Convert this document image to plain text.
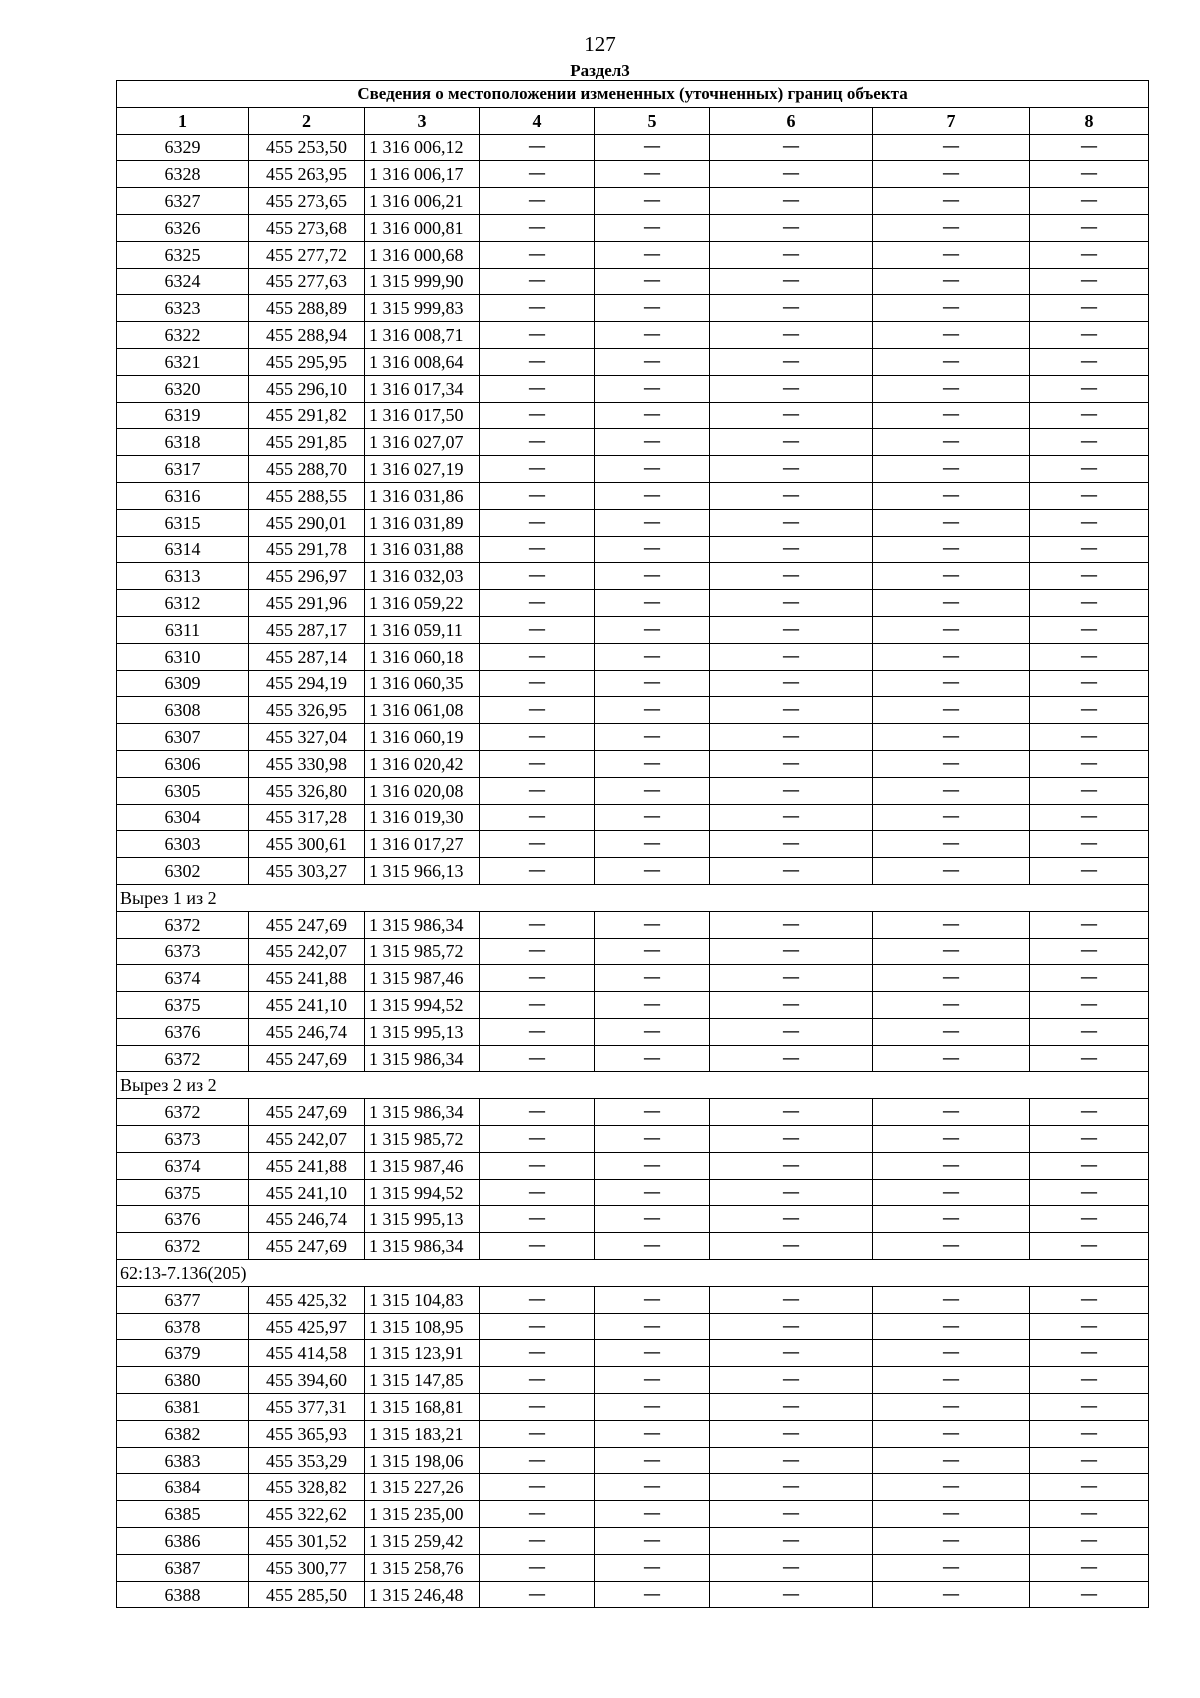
127
Раздел3
Сведения о местоположении измененных (уточненных) границ объекта							
1	2	3	4	5	6	7	8
6329	455 253,50	1 316 006,12	—	—	—	—	—
6328	455 263,95	1 316 006,17	—	—	—	—	—
6327	455 273,65	1 316 006,21	—	—	—	—	—
6326	455 273,68	1 316 000,81	—	—	—	—	—
6325	455 277,72	1 316 000,68	—	—	—	—	—
6324	455 277,63	1 315 999,90	—	—	—	—	—
6323	455 288,89	1 315 999,83	—	—	—	—	—
6322	455 288,94	1 316 008,71	—	—	—	—	—
6321	455 295,95	1 316 008,64	—	—	—	—	—
6320	455 296,10	1 316 017,34	—	—	—	—	—
6319	455 291,82	1 316 017,50	—	—	—	—	—
6318	455 291,85	1 316 027,07	—	—	—	—	—
6317	455 288,70	1 316 027,19	—	—	—	—	—
6316	455 288,55	1 316 031,86	—	—	—	—	—
6315	455 290,01	1 316 031,89	—	—	—	—	—
6314	455 291,78	1 316 031,88	—	—	—	—	—
6313	455 296,97	1 316 032,03	—	—	—	—	—
6312	455 291,96	1 316 059,22	—	—	—	—	—
6311	455 287,17	1 316 059,11	—	—	—	—	—
6310	455 287,14	1 316 060,18	—	—	—	—	—
6309	455 294,19	1 316 060,35	—	—	—	—	—
6308	455 326,95	1 316 061,08	—	—	—	—	—
6307	455 327,04	1 316 060,19	—	—	—	—	—
6306	455 330,98	1 316 020,42	—	—	—	—	—
6305	455 326,80	1 316 020,08	—	—	—	—	—
6304	455 317,28	1 316 019,30	—	—	—	—	—
6303	455 300,61	1 316 017,27	—	—	—	—	—
6302	455 303,27	1 315 966,13	—	—	—	—	—
Вырез 1 из 2							
6372	455 247,69	1 315 986,34	—	—	—	—	—
6373	455 242,07	1 315 985,72	—	—	—	—	—
6374	455 241,88	1 315 987,46	—	—	—	—	—
6375	455 241,10	1 315 994,52	—	—	—	—	—
6376	455 246,74	1 315 995,13	—	—	—	—	—
6372	455 247,69	1 315 986,34	—	—	—	—	—
Вырез 2 из 2							
6372	455 247,69	1 315 986,34	—	—	—	—	—
6373	455 242,07	1 315 985,72	—	—	—	—	—
6374	455 241,88	1 315 987,46	—	—	—	—	—
6375	455 241,10	1 315 994,52	—	—	—	—	—
6376	455 246,74	1 315 995,13	—	—	—	—	—
6372	455 247,69	1 315 986,34	—	—	—	—	—
62:13-7.136(205)							
6377	455 425,32	1 315 104,83	—	—	—	—	—
6378	455 425,97	1 315 108,95	—	—	—	—	—
6379	455 414,58	1 315 123,91	—	—	—	—	—
6380	455 394,60	1 315 147,85	—	—	—	—	—
6381	455 377,31	1 315 168,81	—	—	—	—	—
6382	455 365,93	1 315 183,21	—	—	—	—	—
6383	455 353,29	1 315 198,06	—	—	—	—	—
6384	455 328,82	1 315 227,26	—	—	—	—	—
6385	455 322,62	1 315 235,00	—	—	—	—	—
6386	455 301,52	1 315 259,42	—	—	—	—	—
6387	455 300,77	1 315 258,76	—	—	—	—	—
6388	455 285,50	1 315 246,48	—	—	—	—	—
